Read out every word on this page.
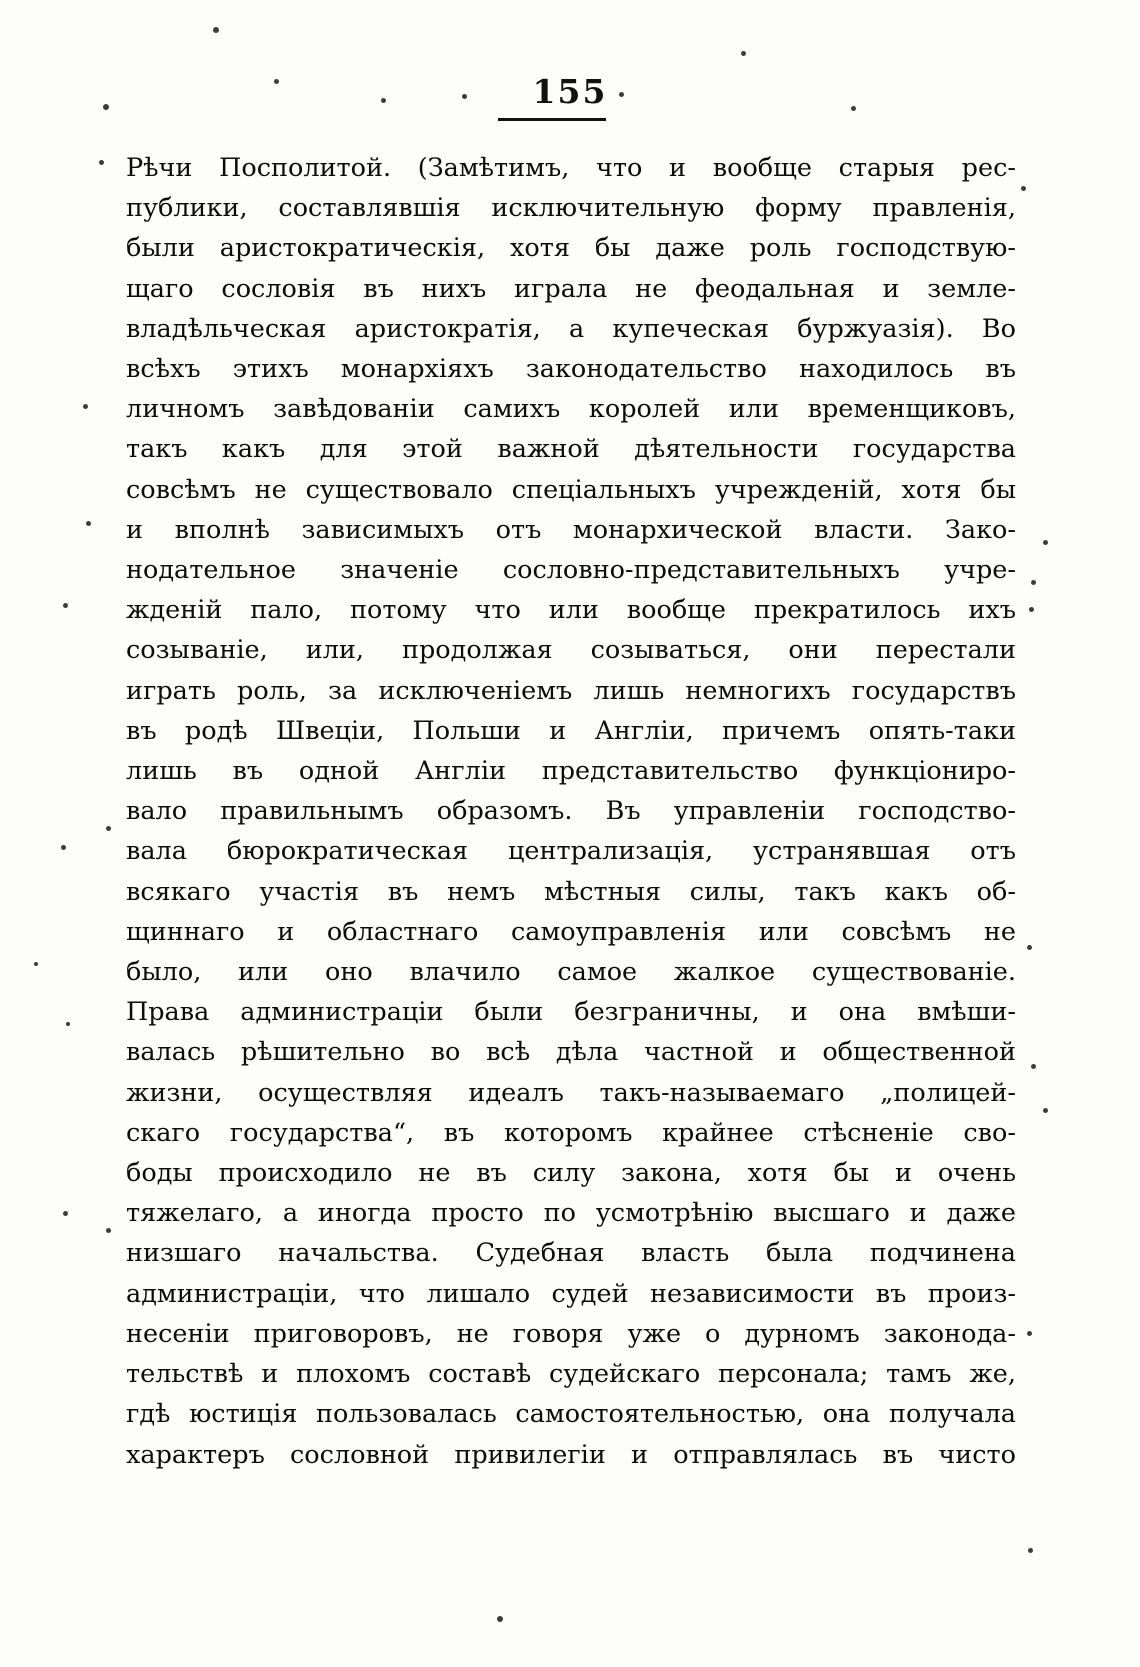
155

Рѣчи Посполитой. (Замѣтимъ, что и вообще старыя рес-
публики, составлявшія исключительную форму правленія,
были аристократическія, хотя бы даже роль господствую-
щаго сословія въ нихъ играла не феодальная и земле-
владѣльческая аристократія, а купеческая буржуазія). Во
всѣхъ этихъ монархіяхъ законодательство находилось въ
личномъ завѣдованіи самихъ королей или временщиковъ,
такъ какъ для этой важной дѣятельности государства
совсѣмъ не существовало спеціальныхъ учрежденій, хотя бы
и вполнѣ зависимыхъ отъ монархической власти. Зако-
нодательное значеніе сословно-представительныхъ учре-
жденій пало, потому что или вообще прекратилось ихъ
созываніе, или, продолжая созываться, они перестали
играть роль, за исключеніемъ лишь немногихъ государствъ
въ родѣ Швеціи, Польши и Англіи, причемъ опять-таки
лишь въ одной Англіи представительство функціониро-
вало правильнымъ образомъ. Въ управленіи господство-
вала бюрократическая централизація, устранявшая отъ
всякаго участія въ немъ мѣстныя силы, такъ какъ об-
щиннаго и областнаго самоуправленія или совсѣмъ не
было, или оно влачило самое жалкое существованіе.
Права администраціи были безграничны, и она вмѣши-
валась рѣшительно во всѣ дѣла частной и общественной
жизни, осуществляя идеалъ такъ-называемаго „полицей-
скаго государства“, въ которомъ крайнее стѣсненіе сво-
боды происходило не въ силу закона, хотя бы и очень
тяжелаго, а иногда просто по усмотрѣнію высшаго и даже
низшаго начальства. Судебная власть была подчинена
администраціи, что лишало судей независимости въ произ-
несеніи приговоровъ, не говоря уже о дурномъ законода-
тельствѣ и плохомъ составѣ судейскаго персонала; тамъ же,
гдѣ юстиція пользовалась самостоятельностью, она получала
характеръ сословной привилегіи и отправлялась въ чисто
